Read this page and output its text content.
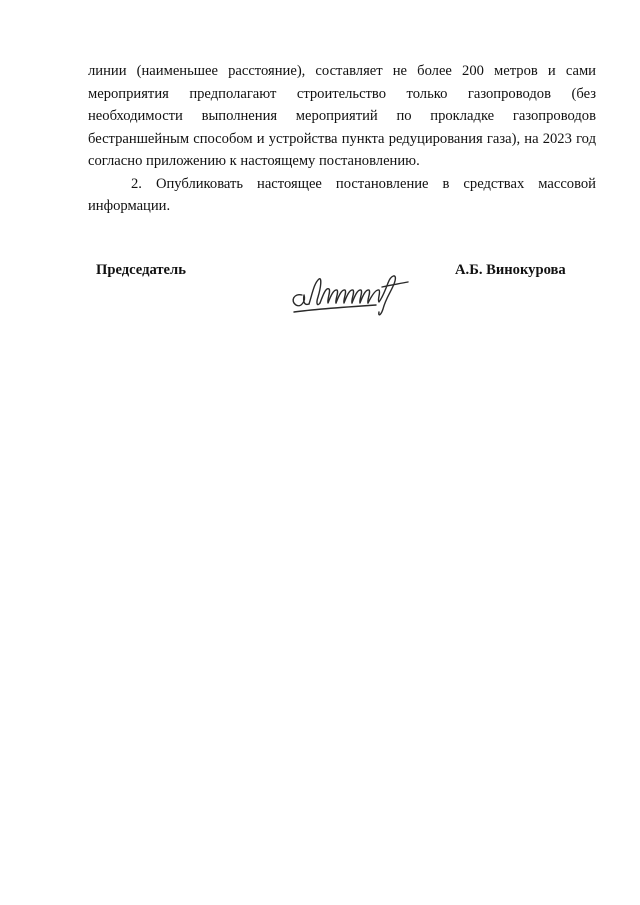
линии (наименьшее расстояние), составляет не более 200 метров и сами мероприятия предполагают строительство только газопроводов (без необходимости выполнения мероприятий по прокладке газопроводов бестраншейным способом и устройства пункта редуцирования газа), на 2023 год согласно приложению к настоящему постановлению.

2. Опубликовать настоящее постановление в средствах массовой информации.

Председатель	А.Б. Винокурова
